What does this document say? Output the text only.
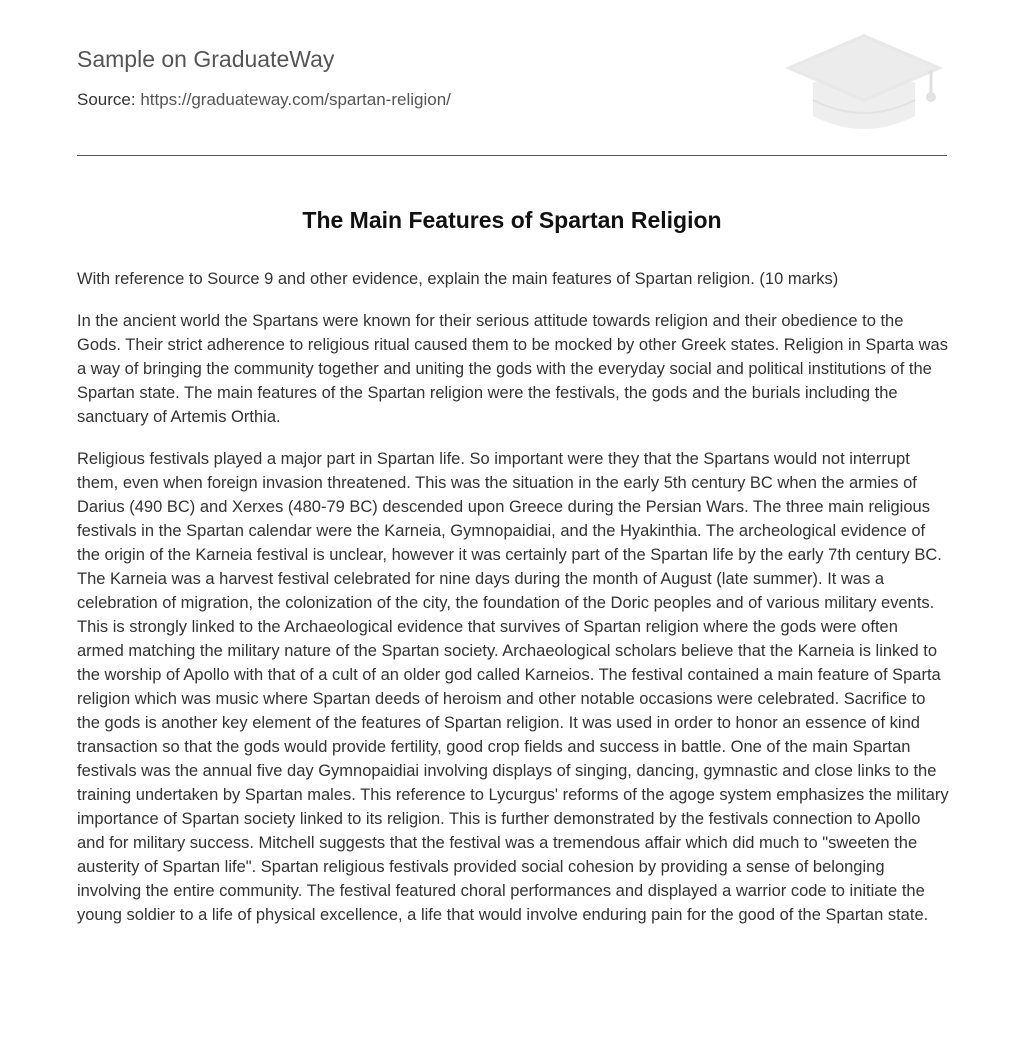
Sample on GraduateWay
Source: https://graduateway.com/spartan-religion/
The Main Features of Spartan Religion

With reference to Source 9 and other evidence, explain the main features of Spartan religion. (10 marks)

In the ancient world the Spartans were known for their serious attitude towards religion and their obedience to the Gods. Their strict adherence to religious ritual caused them to be mocked by other Greek states. Religion in Sparta was a way of bringing the community together and uniting the gods with the everyday social and political institutions of the Spartan state. The main features of the Spartan religion were the festivals, the gods and the burials including the sanctuary of Artemis Orthia.

Religious festivals played a major part in Spartan life. So important were they that the Spartans would not interrupt them, even when foreign invasion threatened. This was the situation in the early 5th century BC when the armies of Darius (490 BC) and Xerxes (480-79 BC) descended upon Greece during the Persian Wars. The three main religious festivals in the Spartan calendar were the Karneia, Gymnopaidiai, and the Hyakinthia. The archeological evidence of the origin of the Karneia festival is unclear, however it was certainly part of the Spartan life by the early 7th century BC. The Karneia was a harvest festival celebrated for nine days during the month of August (late summer). It was a celebration of migration, the colonization of the city, the foundation of the Doric peoples and of various military events. This is strongly linked to the Archaeological evidence that survives of Spartan religion where the gods were often armed matching the military nature of the Spartan society. Archaeological scholars believe that the Karneia is linked to the worship of Apollo with that of a cult of an older god called Karneios. The festival contained a main feature of Sparta religion which was music where Spartan deeds of heroism and other notable occasions were celebrated. Sacrifice to the gods is another key element of the features of Spartan religion. It was used in order to honor an essence of kind transaction so that the gods would provide fertility, good crop fields and success in battle. One of the main Spartan festivals was the annual five day Gymnopaidiai involving displays of singing, dancing, gymnastic and close links to the training undertaken by Spartan males. This reference to Lycurgus' reforms of the agoge system emphasizes the military

importance of Spartan society linked to its religion. This is further demonstrated by the festivals connection to Apollo and for military success. Mitchell suggests that the festival was a tremendous affair which did much to "sweeten the austerity of Spartan life". Spartan religious festivals provided social cohesion by providing a sense of belonging involving the entire community. The festival featured choral performances and displayed a warrior code to initiate the young soldier to a life of physical excellence, a life that would involve enduring pain for the good of the Spartan state.
